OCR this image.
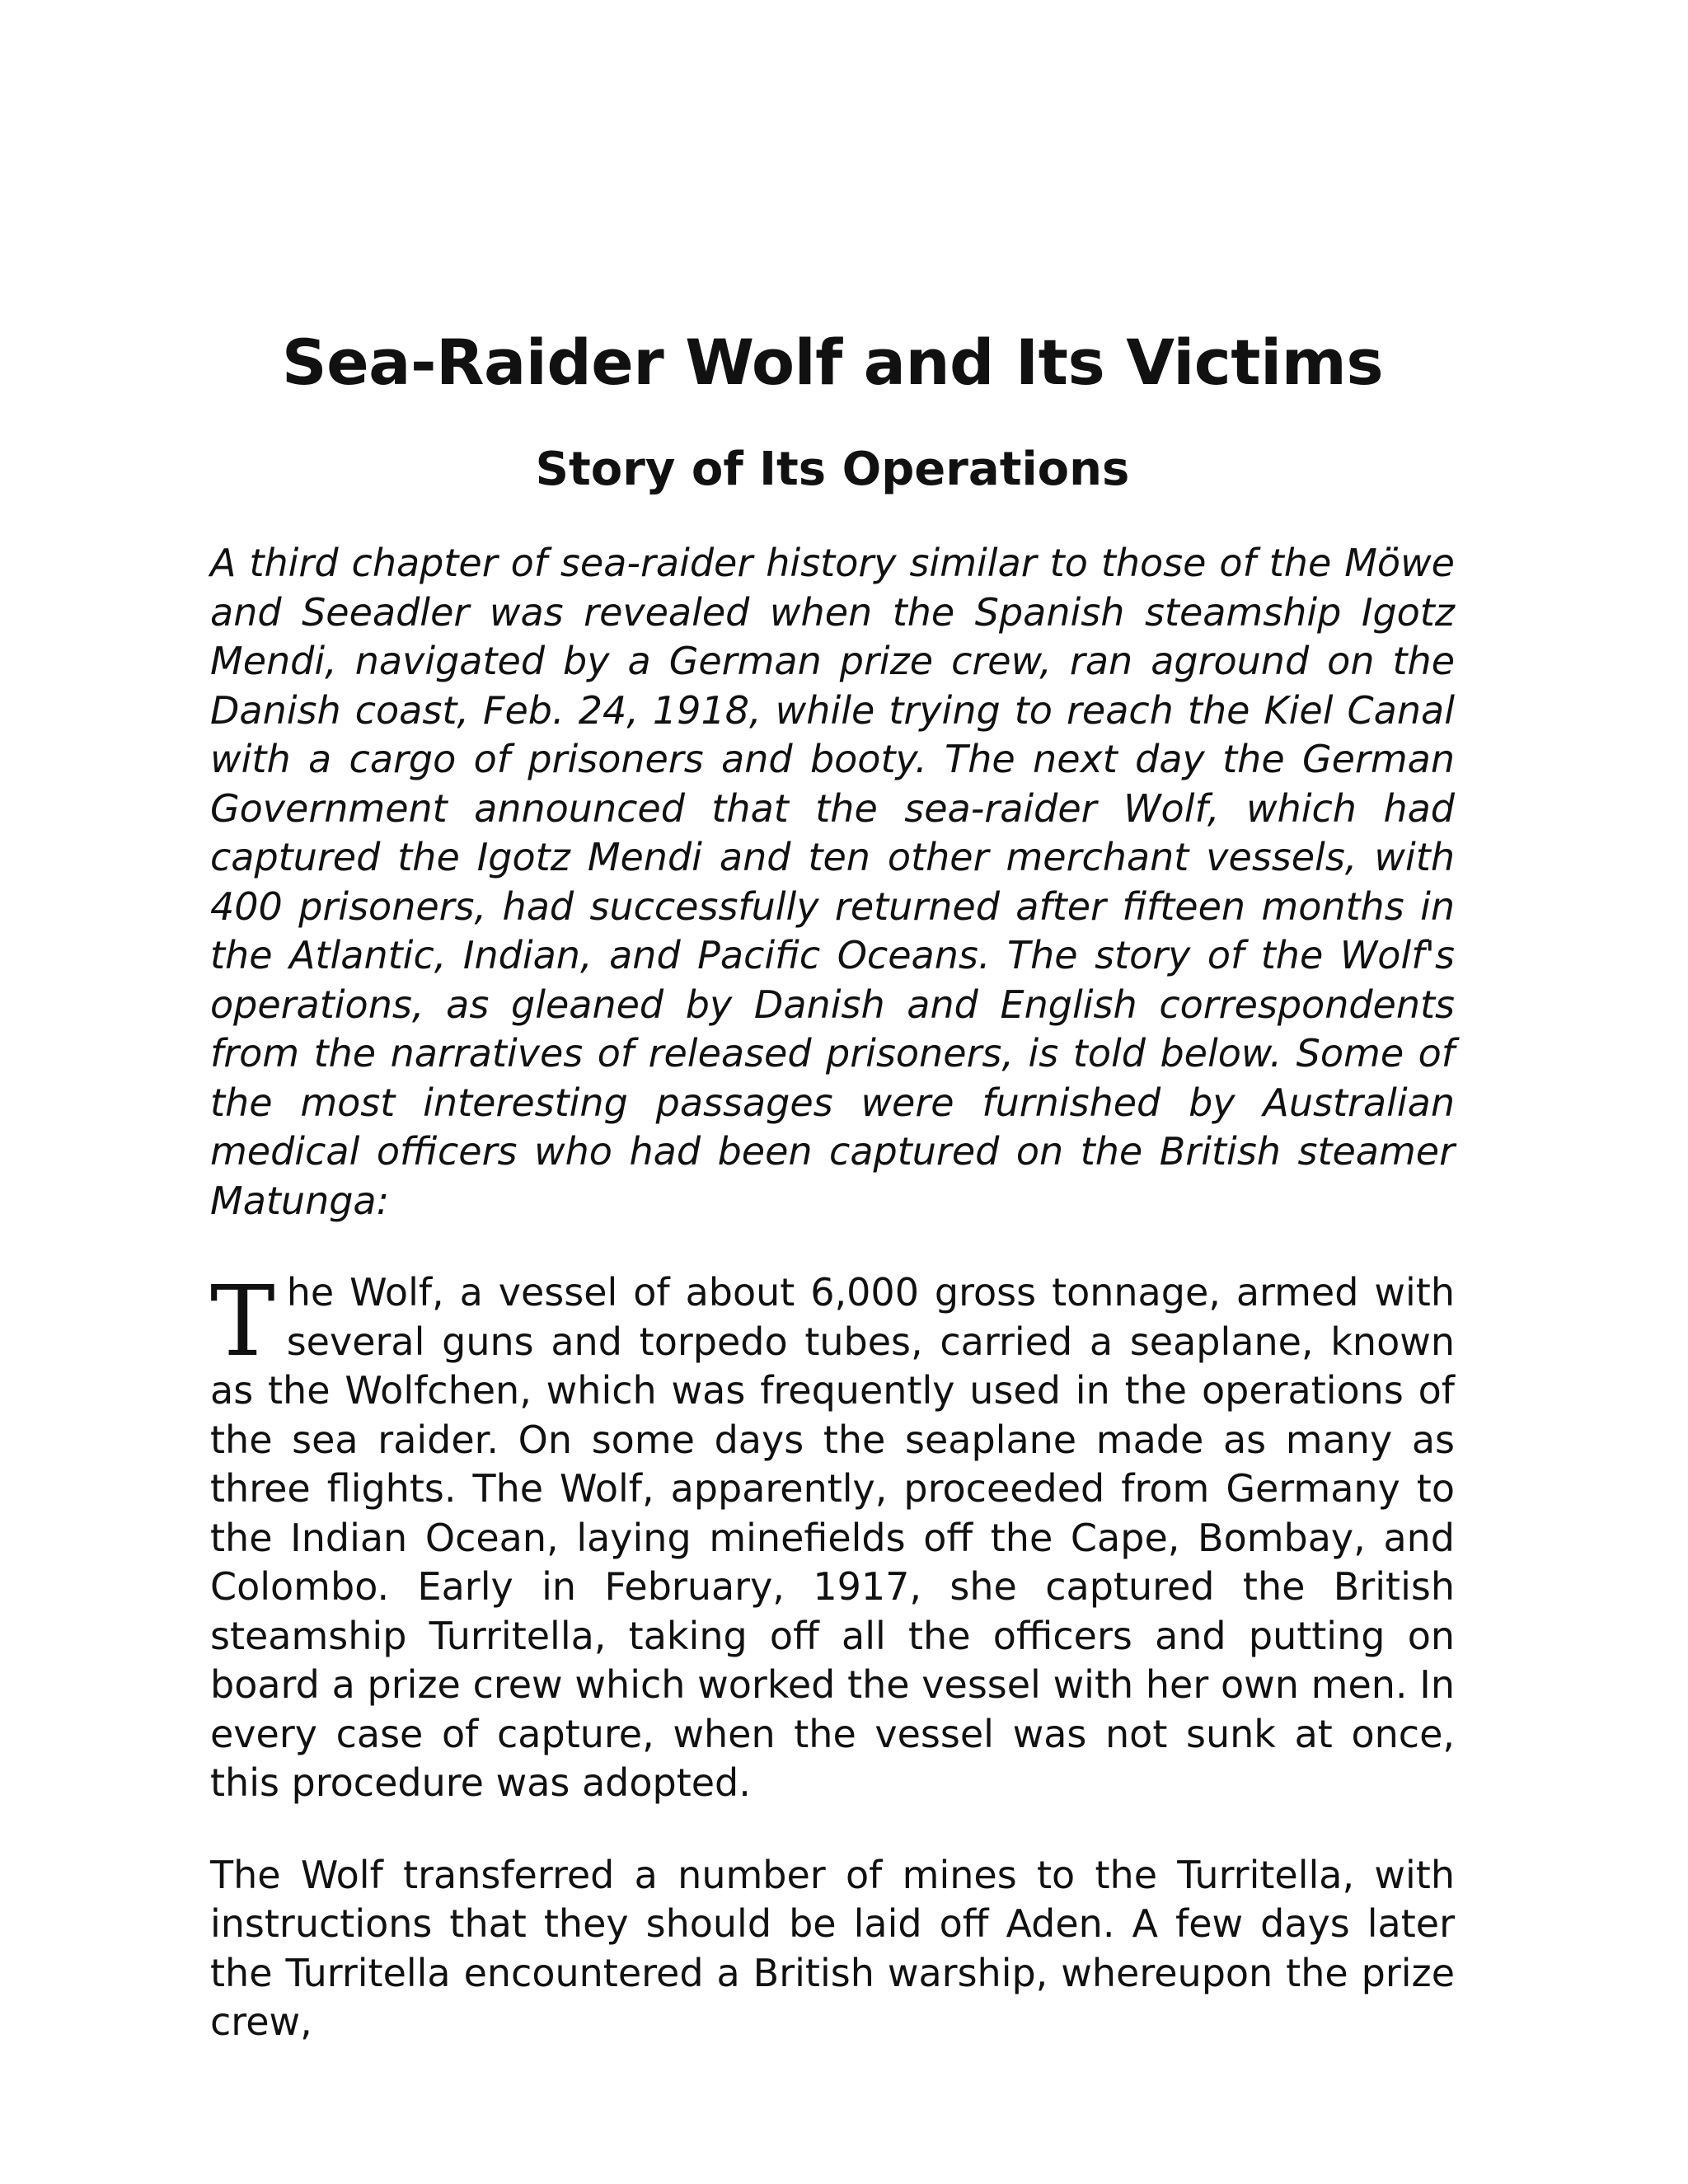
Sea-Raider Wolf and Its Victims
Story of Its Operations

A third chapter of sea-raider history similar to those of the Möwe and Seeadler was revealed when the Spanish steamship Igotz Mendi, navigated by a German prize crew, ran aground on the Danish coast, Feb. 24, 1918, while trying to reach the Kiel Canal with a cargo of prisoners and booty. The next day the German Government announced that the sea-raider Wolf, which had captured the Igotz Mendi and ten other merchant vessels, with 400 prisoners, had successfully returned after fifteen months in the Atlantic, Indian, and Pacific Oceans. The story of the Wolf's operations, as gleaned by Danish and English correspondents from the narratives of released prisoners, is told below. Some of the most interesting passages were furnished by Australian medical officers who had been captured on the British steamer Matunga:

The Wolf, a vessel of about 6,000 gross tonnage, armed with several guns and torpedo tubes, carried a seaplane, known as the Wolfchen, which was frequently used in the operations of the sea raider. On some days the seaplane made as many as three flights. The Wolf, apparently, proceeded from Germany to the Indian Ocean, laying minefields off the Cape, Bombay, and Colombo. Early in February, 1917, she captured the British steamship Turritella, taking off all the officers and putting on board a prize crew which worked the vessel with her own men. In every case of capture, when the vessel was not sunk at once, this procedure was adopted.

The Wolf transferred a number of mines to the Turritella, with instructions that they should be laid off Aden. A few days later the Turritella encountered a British warship, whereupon the prize crew,
